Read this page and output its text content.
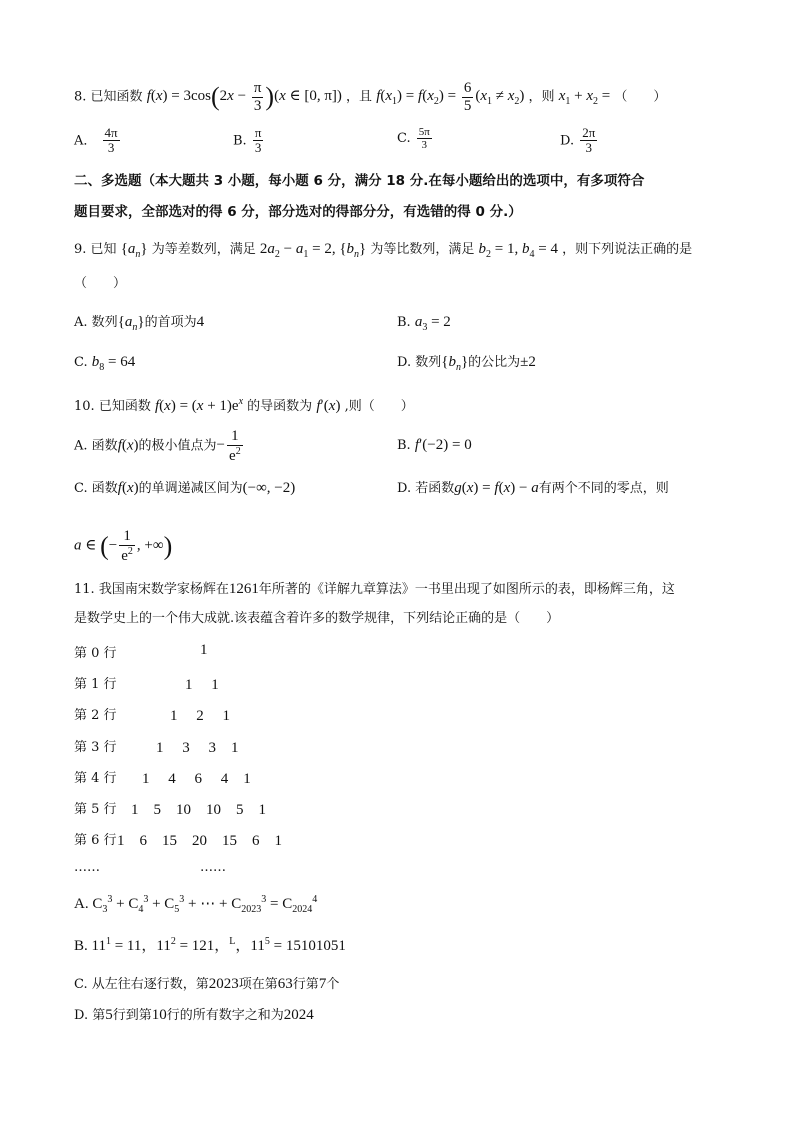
8. 已知函数 $f(x) = 3\cos(2x - \frac{\pi}{3} )(x$ ∈ [0, π]) ，且 $f(x_1) = f(x_2) = \frac{6}{5} (x_1 \ne x_2)$ ，则 $x_1 + x_2$ = （　　）
A． $\frac{4\pi}{3}$	B. $\frac{\pi}{3}$	C. $\frac{5\pi}{3}$	D. $\frac{2\pi}{3}$
二、多选题（本大题共 3 小题，每小题 6 分，满分 18 分.在每小题给出的选项中，有多项符合
题目要求，全部选对的得 6 分，部分选对的得部分分，有选错的得 0 分.）
9. 已知 $\{a_n\}$ 为等差数列，满足 $2a_2 - a_1 = 2$, $\{b_n\}$ 为等比数列，满足 $b_2 = 1$, $b_4 = 4$ ，则下列说法正确的是
（　　）
A. 数列$\{a_n\}$的首项为4	B. $a_3 = 2$
C. $b_8 = 64$	D. 数列$\{b_n\}$的公比为±2
10. 已知函数 $f(x) = (x + 1)e^x$ 的导函数为 f′(x) ,则（　　）
A. 函数f(x)的极小值点为− $\frac{1}{e^2}$	B. f′(−2) = 0
C. 函数f(x)的单调递减区间为(−∞, −2)	D. 若函数g(x) = f(x) − a有两个不同的零点，则
a ∈ (− $\frac{1}{e^2}$ , +∞)
11. 我国南宋数学家杨辉在1261年所著的《详解九章算法》一书里出现了如图所示的表，即杨辉三角，这
是数学史上的一个伟大成就.该表蕴含着许多的数学规律，下列结论正确的是（　　）
第 0 行	1
第 1 行	1　 1
第 2 行	1　 2　 1
第 3 行	1　 3　 3　1
第 4 行 1　 4　 6　 4　1
第 5 行 1　5　10　10　5　1
第 6 行 1　6　15　20　15　6　1
……	……
A. $C_3^3 + C_4^3 + C_5^3$ + ⋯ + $C_{2023}^3 = C_{2024}^4$
B. $11^1 = 11$，$11^2 = 121$，$^L$，$11^5 = 15101051$
C. 从左往右逐行数，第2023项在第63行第7个
D. 第5行到第10行的所有数字之和为2024
